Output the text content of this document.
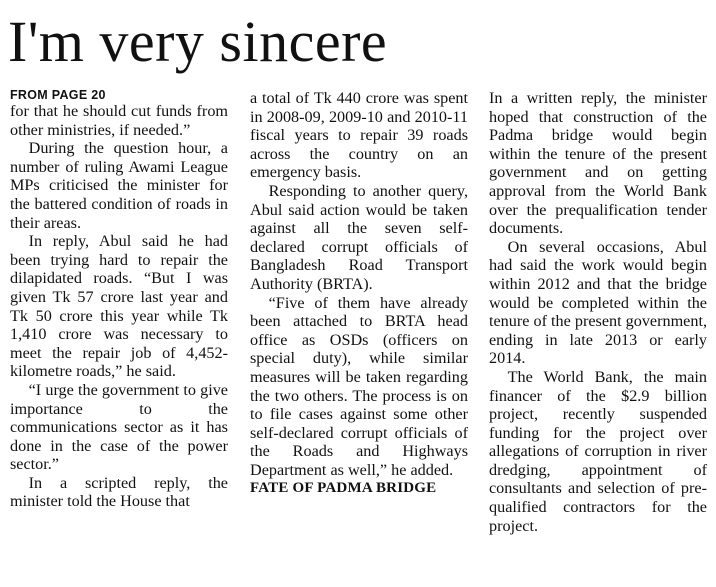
I'm very sincere
FROM PAGE 20

for that he should cut funds from other ministries, if needed.”

During the question hour, a number of ruling Awami League MPs criticised the minister for the battered condition of roads in their areas.

In reply, Abul said he had been trying hard to repair the dilapidated roads. “But I was given Tk 57 crore last year and Tk 50 crore this year while Tk 1,410 crore was necessary to meet the repair job of 4,452-kilometre roads,” he said.

“I urge the government to give importance to the communications sector as it has done in the case of the power sector.”

In a scripted reply, the minister told the House that

a total of Tk 440 crore was spent in 2008-09, 2009-10 and 2010-11 fiscal years to repair 39 roads across the country on an emergency basis.

Responding to another query, Abul said action would be taken against all the seven self-declared corrupt officials of Bangladesh Road Transport Authority (BRTA).

“Five of them have already been attached to BRTA head office as OSDs (officers on special duty), while similar measures will be taken regarding the two others. The process is on to file cases against some other self-declared corrupt officials of the Roads and Highways Department as well,” he added.

FATE OF PADMA BRIDGE

In a written reply, the minister hoped that construction of the Padma bridge would begin within the tenure of the present government and on getting approval from the World Bank over the prequalification tender documents.

On several occasions, Abul had said the work would begin within 2012 and that the bridge would be completed within the tenure of the present government, ending in late 2013 or early 2014.

The World Bank, the main financer of the $2.9 billion project, recently suspended funding for the project over allegations of corruption in river dredging, appointment of consultants and selection of pre-qualified contractors for the project.
